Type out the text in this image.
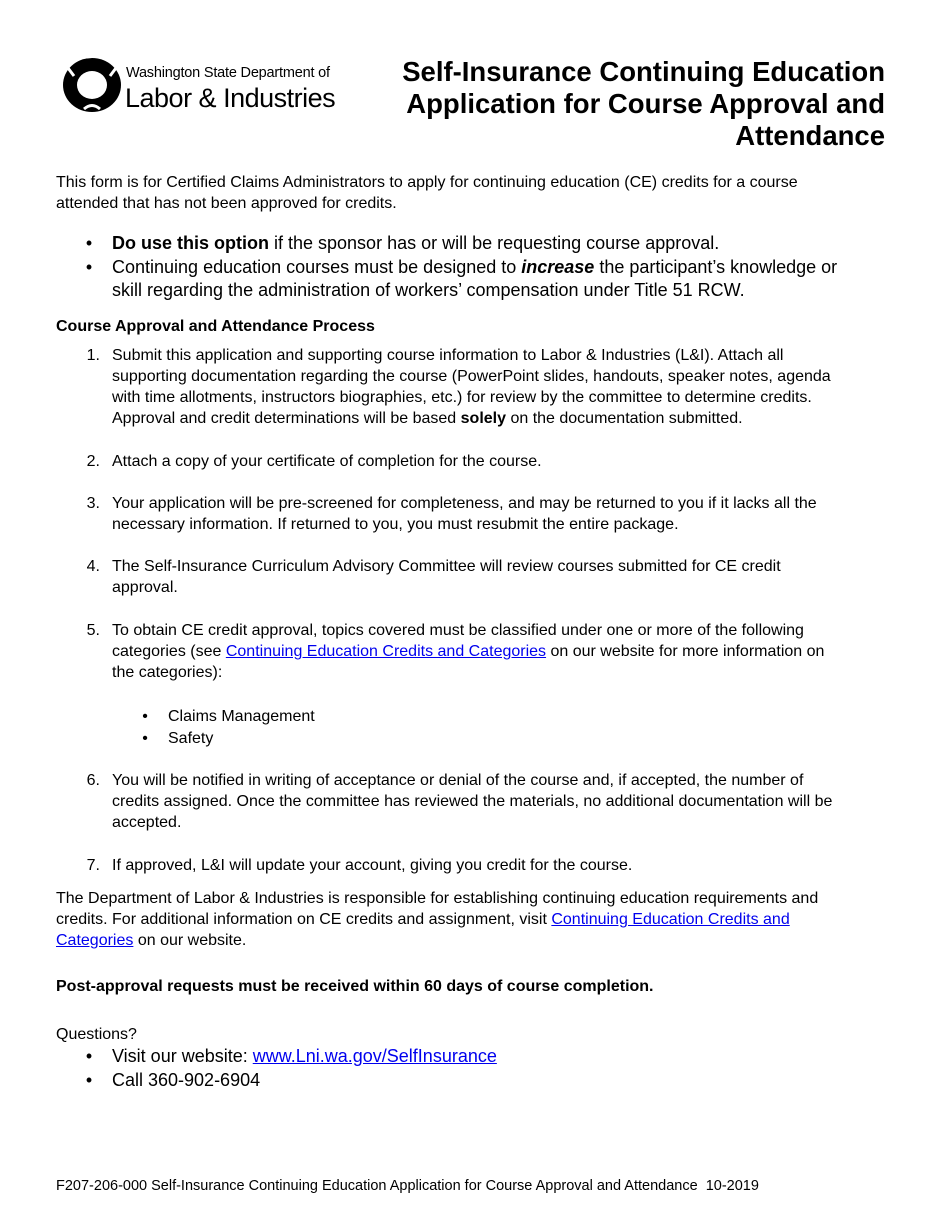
Washington State Department of
Labor & Industries
Self-Insurance Continuing Education
Application for Course Approval and
Attendance

This form is for Certified Claims Administrators to apply for continuing education (CE) credits for a course

attended that has not been approved for credits.

• Do use this option if the sponsor has or will be requesting course approval.
• Continuing education courses must be designed to increase the participant’s knowledge or
skill regarding the administration of workers’ compensation under Title 51 RCW.
Course Approval and Attendance Process
1. Submit this application and supporting course information to Labor & Industries (L&I). Attach all

supporting documentation regarding the course (PowerPoint slides, handouts, speaker notes, agenda

with time allotments, instructors biographies, etc.) for review by the committee to determine credits.

Approval and credit determinations will be based solely on the documentation submitted.

2. Attach a copy of your certificate of completion for the course.

3. Your application will be pre-screened for completeness, and may be returned to you if it lacks all the

necessary information. If returned to you, you must resubmit the entire package.

4. The Self-Insurance Curriculum Advisory Committee will review courses submitted for CE credit

approval.

5. To obtain CE credit approval, topics covered must be classified under one or more of the following

categories (see Continuing Education Credits and Categories on our website for more information on

the categories):

• Claims Management
• Safety
6. You will be notified in writing of acceptance or denial of the course and, if accepted, the number of

credits assigned. Once the committee has reviewed the materials, no additional documentation will be

accepted.

7. If approved, L&I will update your account, giving you credit for the course.

The Department of Labor & Industries is responsible for establishing continuing education requirements and

credits. For additional information on CE credits and assignment, visit Continuing Education Credits and

Categories on our website.

Post-approval requests must be received within 60 days of course completion.
Questions?
• Visit our website: www.Lni.wa.gov/SelfInsurance
• Call 360-902-6904
F207-206-000 Self-Insurance Continuing Education Application for Course Approval and Attendance  10-2019
